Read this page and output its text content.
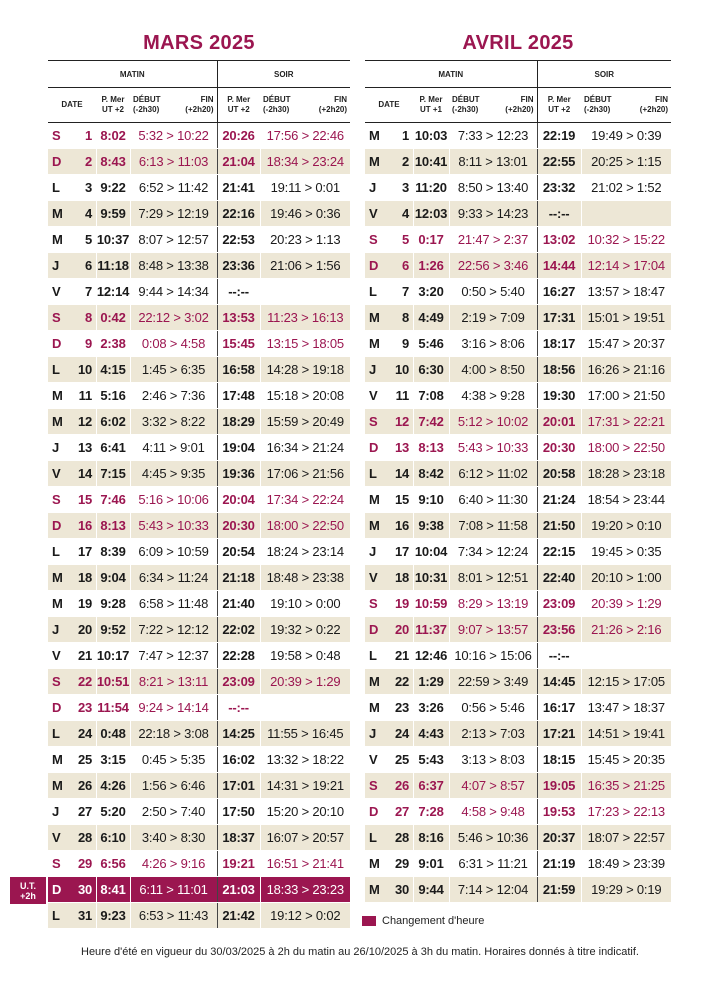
MARS 2025
MATIN			SOIR	
DATE	P. Mer
UT +2	DÉBUT FIN
(-2h30) (+2h20)	P. Mer
UT +2	DÉBUT FIN
(-2h30) (+2h20)

S 1	8:02	5:32 > 10:22	20:26	17:56 > 22:46
D 2	8:43	6:13 > 11:03	21:04	18:34 > 23:24
L 3	9:22	6:52 > 11:42	21:41	19:11 > 0:01
M 4	9:59	7:29 > 12:19	22:16	19:46 > 0:36
M 5	10:37	8:07 > 12:57	22:53	20:23 > 1:13
J 6	11:18	8:48 > 13:38	23:36	21:06 > 1:56
V 7	12:14	9:44 > 14:34	--:--	
S 8	0:42	22:12 > 3:02	13:53	11:23 > 16:13
D 9	2:38	0:08 > 4:58	15:45	13:15 > 18:05
L 10	4:15	1:45 > 6:35	16:58	14:28 > 19:18
M 11	5:16	2:46 > 7:36	17:48	15:18 > 20:08
M 12	6:02	3:32 > 8:22	18:29	15:59 > 20:49
J 13	6:41	4:11 > 9:01	19:04	16:34 > 21:24
V 14	7:15	4:45 > 9:35	19:36	17:06 > 21:56
S 15	7:46	5:16 > 10:06	20:04	17:34 > 22:24
D 16	8:13	5:43 > 10:33	20:30	18:00 > 22:50
L 17	8:39	6:09 > 10:59	20:54	18:24 > 23:14
M 18	9:04	6:34 > 11:24	21:18	18:48 > 23:38
M 19	9:28	6:58 > 11:48	21:40	19:10 > 0:00
J 20	9:52	7:22 > 12:12	22:02	19:32 > 0:22
V 21	10:17	7:47 > 12:37	22:28	19:58 > 0:48
S 22	10:51	8:21 > 13:11	23:09	20:39 > 1:29
D 23	11:54	9:24 > 14:14	--:--	
L 24	0:48	22:18 > 3:08	14:25	11:55 > 16:45
M 25	3:15	0:45 > 5:35	16:02	13:32 > 18:22
M 26	4:26	1:56 > 6:46	17:01	14:31 > 19:21
J 27	5:20	2:50 > 7:40	17:50	15:20 > 20:10
V 28	6:10	3:40 > 8:30	18:37	16:07 > 20:57
S 29	6:56	4:26 > 9:16	19:21	16:51 > 21:41
D 30	8:41	6:11 > 11:01	21:03	18:33 > 23:23
L 31	9:23	6:53 > 11:43	21:42	19:12 > 0:02
AVRIL 2025
MATIN			SOIR	
DATE	P. Mer
UT +1	DÉBUT FIN
(-2h30) (+2h20)	P. Mer
UT +2	DÉBUT FIN
(-2h30) (+2h20)

M 1	10:03	7:33 > 12:23	22:19	19:49 > 0:39
M 2	10:41	8:11 > 13:01	22:55	20:25 > 1:15
J 3	11:20	8:50 > 13:40	23:32	21:02 > 1:52
V 4	12:03	9:33 > 14:23	--:--	
S 5	0:17	21:47 > 2:37	13:02	10:32 > 15:22
D 6	1:26	22:56 > 3:46	14:44	12:14 > 17:04
L 7	3:20	0:50 > 5:40	16:27	13:57 > 18:47
M 8	4:49	2:19 > 7:09	17:31	15:01 > 19:51
M 9	5:46	3:16 > 8:06	18:17	15:47 > 20:37
J 10	6:30	4:00 > 8:50	18:56	16:26 > 21:16
V 11	7:08	4:38 > 9:28	19:30	17:00 > 21:50
S 12	7:42	5:12 > 10:02	20:01	17:31 > 22:21
D 13	8:13	5:43 > 10:33	20:30	18:00 > 22:50
L 14	8:42	6:12 > 11:02	20:58	18:28 > 23:18
M 15	9:10	6:40 > 11:30	21:24	18:54 > 23:44
M 16	9:38	7:08 > 11:58	21:50	19:20 > 0:10
J 17	10:04	7:34 > 12:24	22:15	19:45 > 0:35
V 18	10:31	8:01 > 12:51	22:40	20:10 > 1:00
S 19	10:59	8:29 > 13:19	23:09	20:39 > 1:29
D 20	11:37	9:07 > 13:57	23:56	21:26 > 2:16
L 21	12:46	10:16 > 15:06	--:--	
M 22	1:29	22:59 > 3:49	14:45	12:15 > 17:05
M 23	3:26	0:56 > 5:46	16:17	13:47 > 18:37
J 24	4:43	2:13 > 7:03	17:21	14:51 > 19:41
V 25	5:43	3:13 > 8:03	18:15	15:45 > 20:35
S 26	6:37	4:07 > 8:57	19:05	16:35 > 21:25
D 27	7:28	4:58 > 9:48	19:53	17:23 > 22:13
L 28	8:16	5:46 > 10:36	20:37	18:07 > 22:57
M 29	9:01	6:31 > 11:21	21:19	18:49 > 23:39
M 30	9:44	7:14 > 12:04	21:59	19:29 > 0:19
U.T.
+2h
Changement d'heure
Heure d'été en vigueur du 30/03/2025 à 2h du matin au 26/10/2025 à 3h du matin. Horaires donnés à titre indicatif.
